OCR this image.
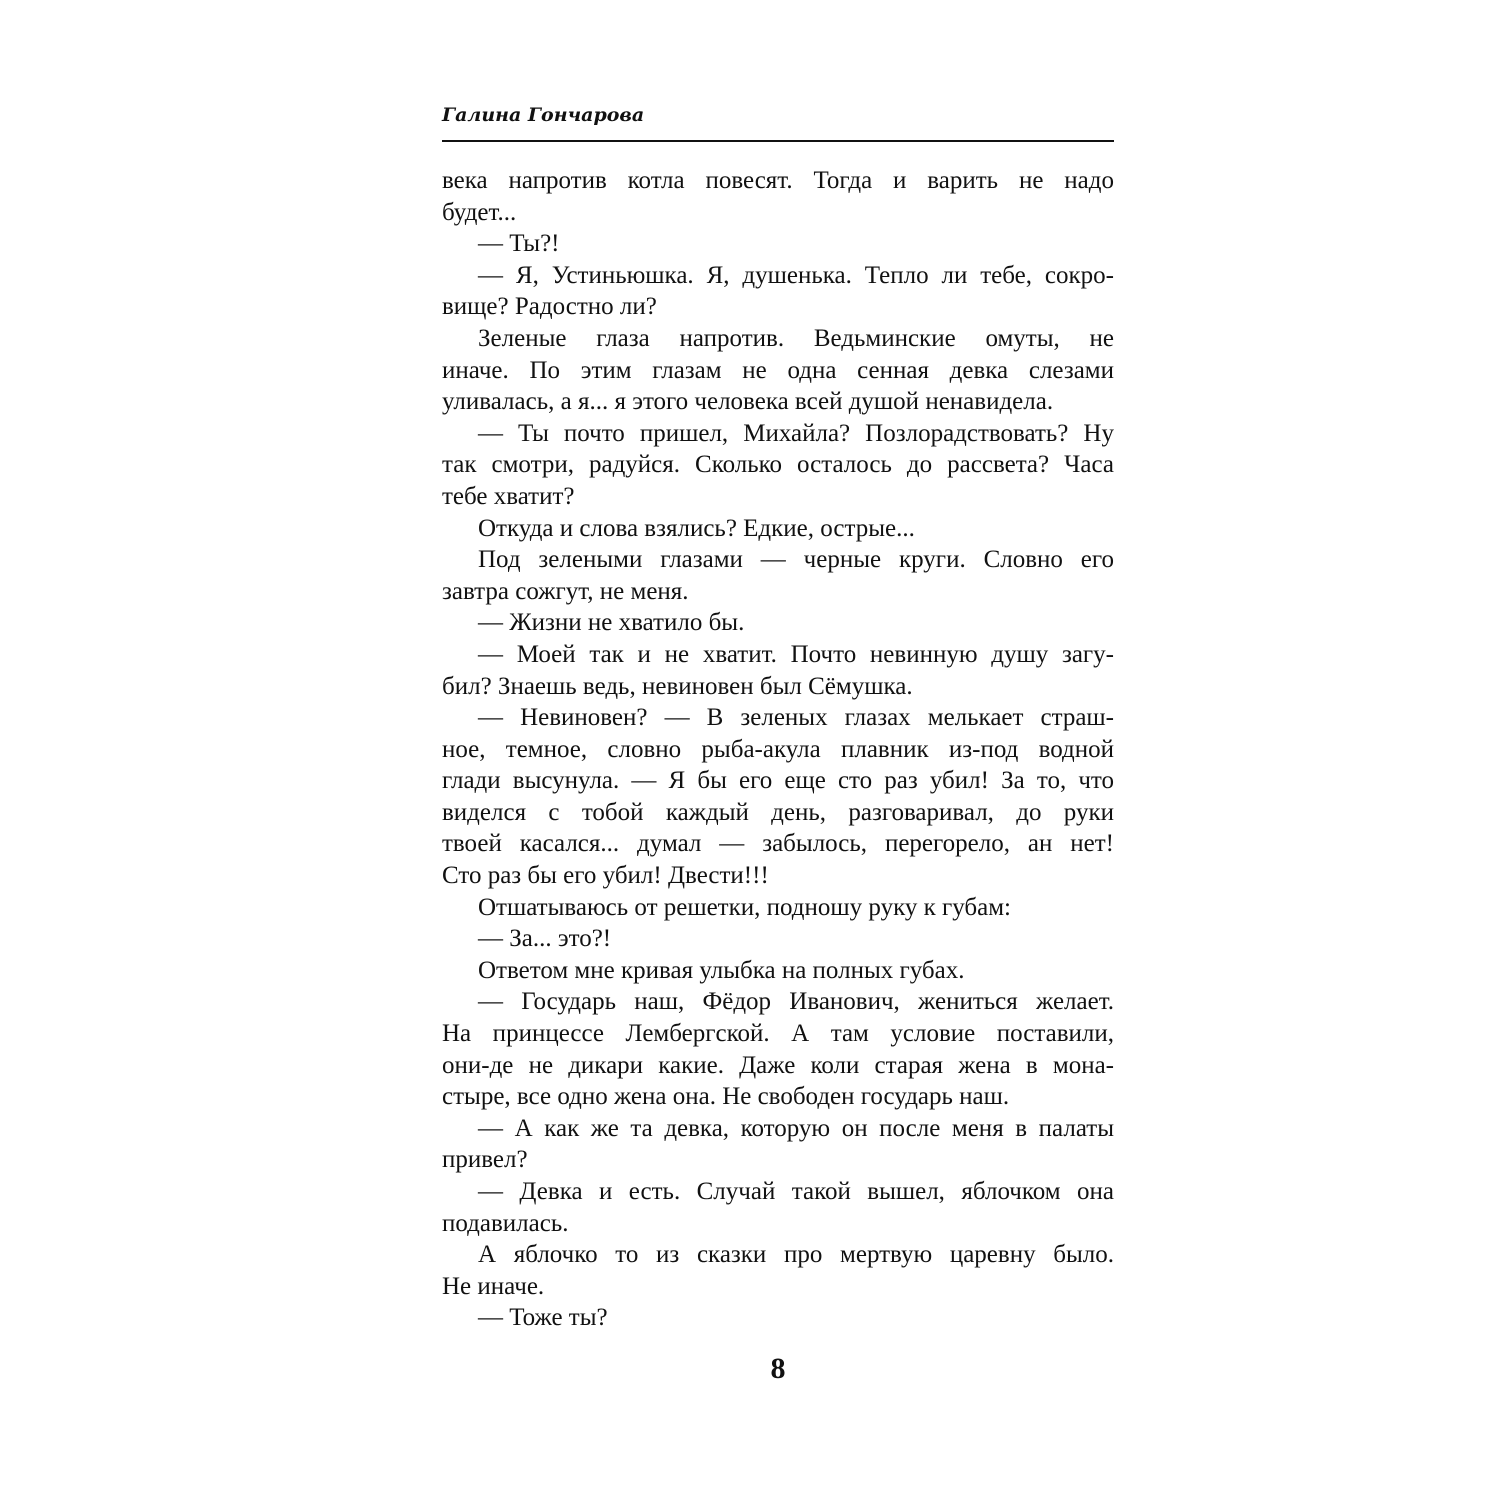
Галина Гончарова
века напротив котла повесят. Тогда и варить не надо
будет...
— Ты?!
— Я, Устиньюшка. Я, душенька. Тепло ли тебе, сокро-
вище? Радостно ли?
Зеленые глаза напротив. Ведьминские омуты, не
иначе. По этим глазам не одна сенная девка слезами
уливалась, а я... я этого человека всей душой ненавидела.
— Ты почто пришел, Михайла? Позлорадствовать? Ну
так смотри, радуйся. Сколько осталось до рассвета? Часа
тебе хватит?
Откуда и слова взялись? Едкие, острые...
Под зелеными глазами — черные круги. Словно его
завтра сожгут, не меня.
— Жизни не хватило бы.
— Моей так и не хватит. Почто невинную душу загу-
бил? Знаешь ведь, невиновен был Сёмушка.
— Невиновен? — В зеленых глазах мелькает страш-
ное, темное, словно рыба-акула плавник из-под водной
глади высунула. — Я бы его еще сто раз убил! За то, что
виделся с тобой каждый день, разговаривал, до руки
твоей касался... думал — забылось, перегорело, ан нет!
Сто раз бы его убил! Двести!!!
Отшатываюсь от решетки, подношу руку к губам:
— За... это?!
Ответом мне кривая улыбка на полных губах.
— Государь наш, Фёдор Иванович, жениться желает.
На принцессе Лембергской. А там условие поставили,
они-де не дикари какие. Даже коли старая жена в мона-
стыре, все одно жена она. Не свободен государь наш.
— А как же та девка, которую он после меня в палаты
привел?
— Девка и есть. Случай такой вышел, яблочком она
подавилась.
А яблочко то из сказки про мертвую царевну было.
Не иначе.
— Тоже ты?
8
